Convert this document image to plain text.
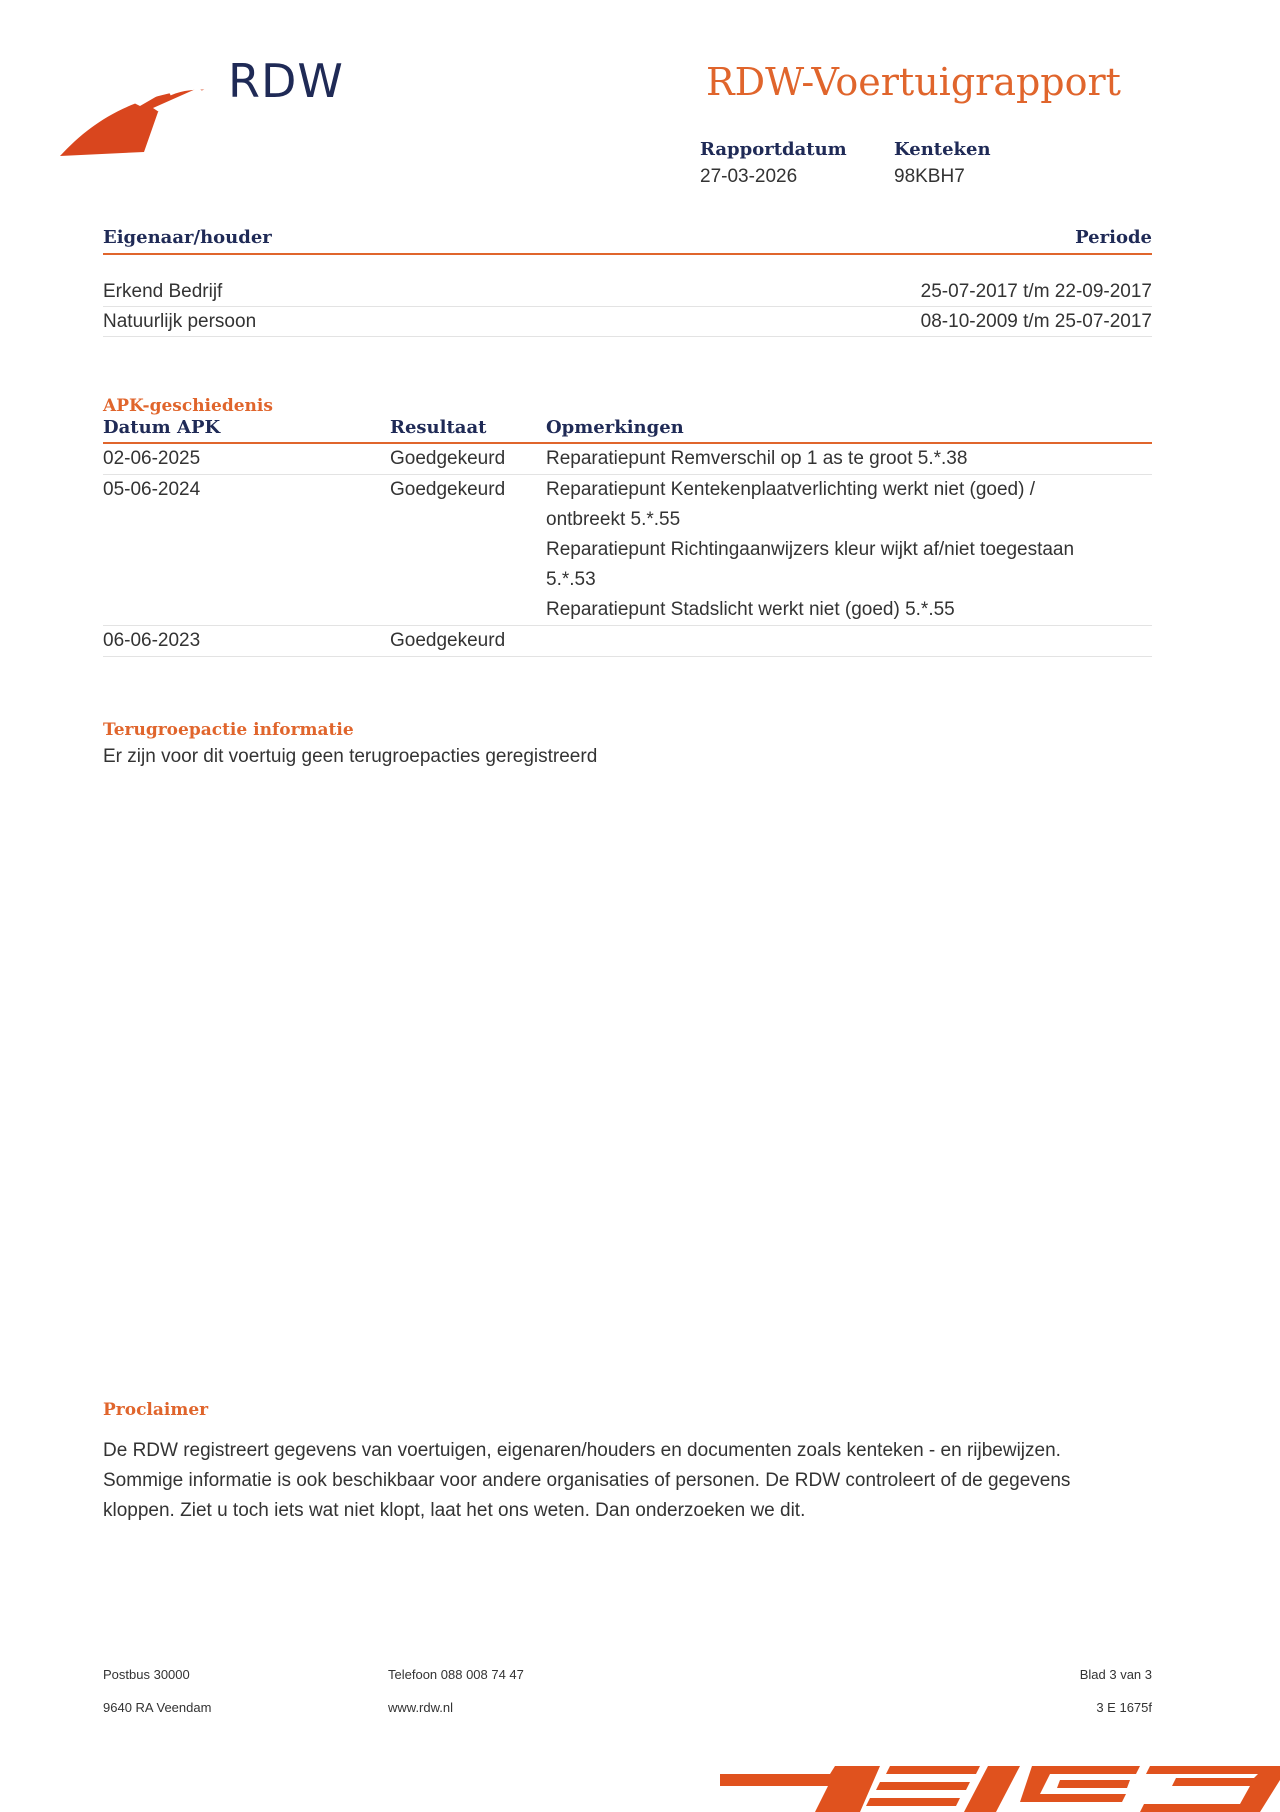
RDW	RDW-Voertuigrapport
Rapportdatum
27-03-2026
Kenteken
98KBH7
Eigenaar/houder	Periode
Erkend Bedrijf	25-07-2017 t/m 22-09-2017
Natuurlijk persoon	08-10-2009 t/m 25-07-2017
APK-geschiedenis
Datum APK	Resultaat	Opmerkingen
02-06-2025	Goedgekeurd	Reparatiepunt Remverschil op 1 as te groot 5.*.38
05-06-2024	Goedgekeurd	Reparatiepunt Kentekenplaatverlichting werkt niet (goed) /
ontbreekt 5.*.55
Reparatiepunt Richtingaanwijzers kleur wijkt af/niet toegestaan
5.*.53
Reparatiepunt Stadslicht werkt niet (goed) 5.*.55
06-06-2023	Goedgekeurd
Terugroepactie informatie
Er zijn voor dit voertuig geen terugroepacties geregistreerd
Proclaimer
De RDW registreert gegevens van voertuigen, eigenaren/houders en documenten zoals kenteken - en rijbewijzen.
Sommige informatie is ook beschikbaar voor andere organisaties of personen. De RDW controleert of de gegevens
kloppen. Ziet u toch iets wat niet klopt, laat het ons weten. Dan onderzoeken we dit.
Postbus 30000
9640 RA Veendam
Telefoon 088 008 74 47
www.rdw.nl
Blad 3 van 3
3 E 1675f
